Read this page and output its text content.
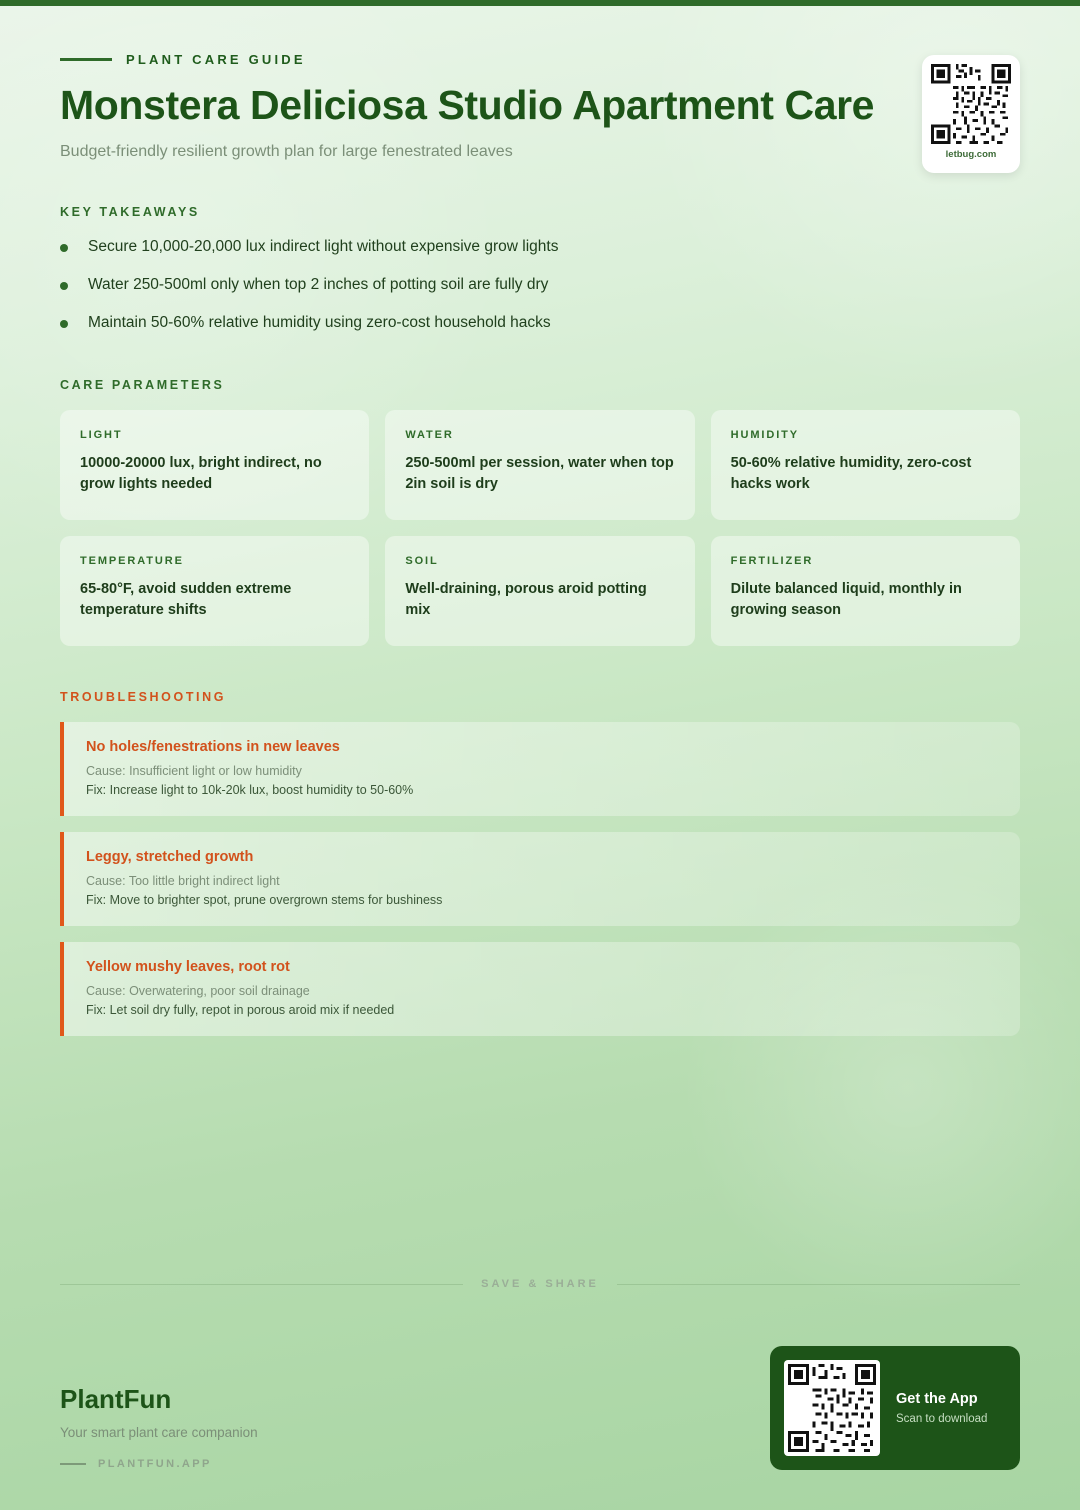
PLANT CARE GUIDE
Monstera Deliciosa Studio Apartment Care
Budget-friendly resilient growth plan for large fenestrated leaves	letbug.com
KEY TAKEAWAYS
Secure 10,000-20,000 lux indirect light without expensive grow lights
Water 250-500ml only when top 2 inches of potting soil are fully dry
Maintain 50-60% relative humidity using zero-cost household hacks
CARE PARAMETERS
LIGHT
10000-20000 lux, bright indirect, no grow lights needed
WATER
250-500ml per session, water when top 2in soil is dry
HUMIDITY
50-60% relative humidity, zero-cost hacks work
TEMPERATURE
65-80°F, avoid sudden extreme temperature shifts
SOIL
Well-draining, porous aroid potting mix
FERTILIZER
Dilute balanced liquid, monthly in growing season
TROUBLESHOOTING
No holes/fenestrations in new leaves
Cause: Insufficient light or low humidity
Fix: Increase light to 10k-20k lux, boost humidity to 50-60%
Leggy, stretched growth
Cause: Too little bright indirect light
Fix: Move to brighter spot, prune overgrown stems for bushiness
Yellow mushy leaves, root rot
Cause: Overwatering, poor soil drainage
Fix: Let soil dry fully, repot in porous aroid mix if needed
SAVE & SHARE
PlantFun
Your smart plant care companion
PLANTFUN.APP
Get the App
Scan to download
